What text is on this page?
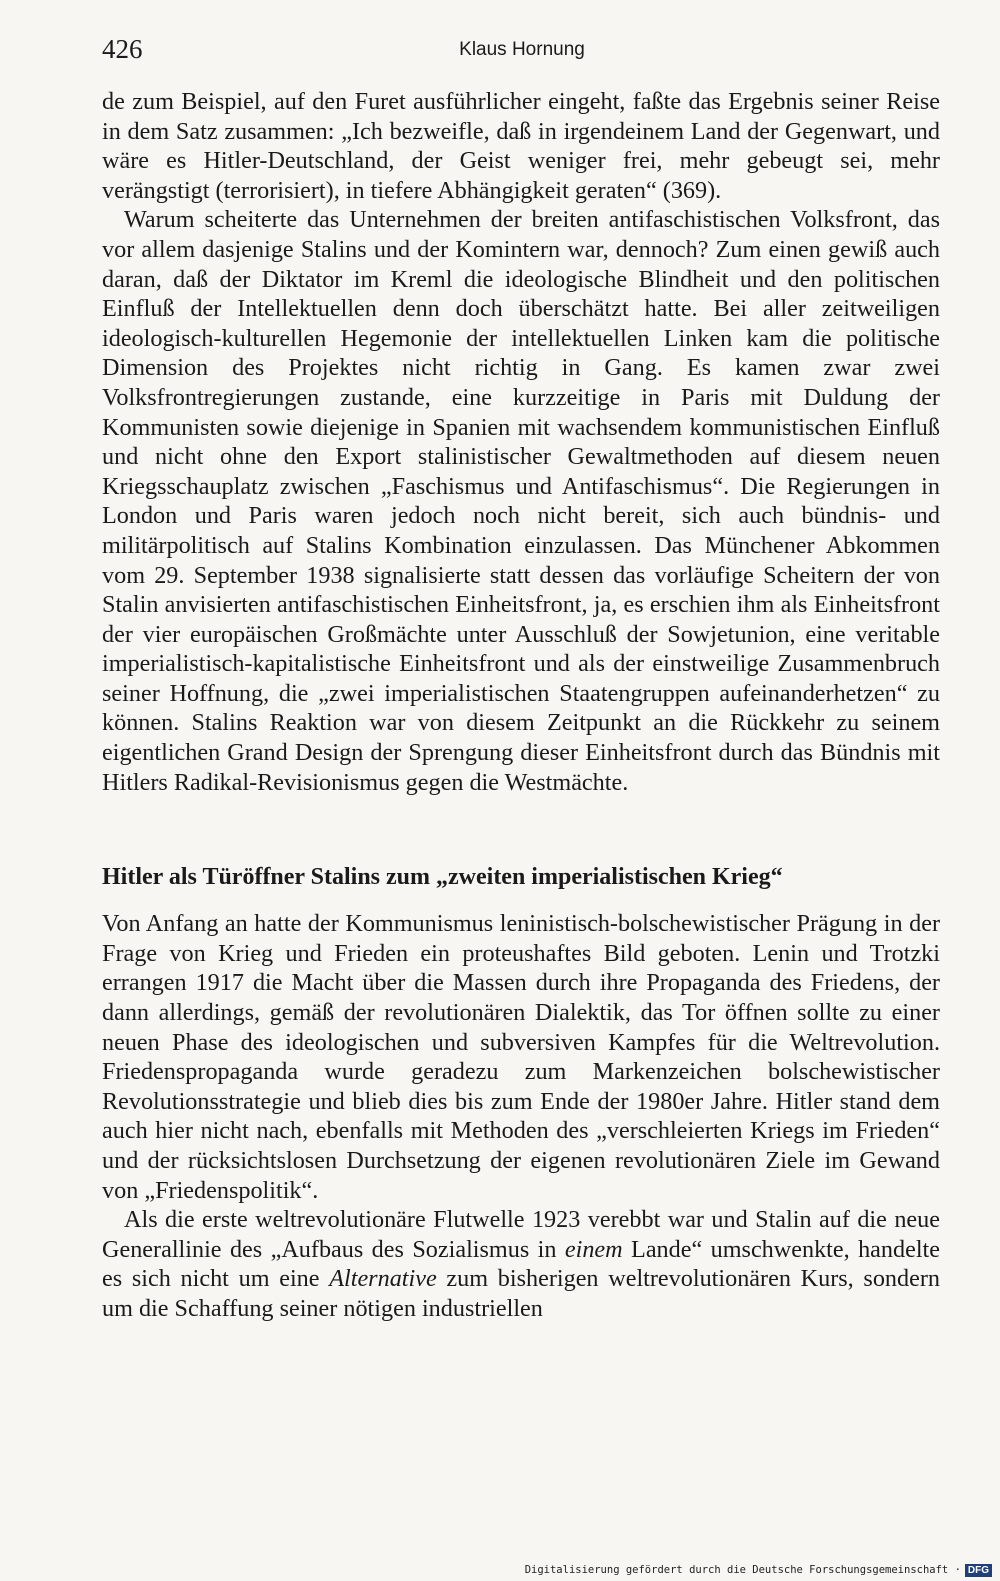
426	Klaus Hornung

de zum Beispiel, auf den Furet ausführlicher eingeht, faßte das Ergebnis seiner Reise in dem Satz zusammen: „Ich bezweifle, daß in irgendeinem Land der Gegenwart, und wäre es Hitler-Deutschland, der Geist weniger frei, mehr gebeugt sei, mehr verängstigt (terrorisiert), in tiefere Abhängigkeit geraten“ (369).

Warum scheiterte das Unternehmen der breiten antifaschistischen Volksfront, das vor allem dasjenige Stalins und der Komintern war, dennoch? Zum einen gewiß auch daran, daß der Diktator im Kreml die ideologische Blindheit und den politischen Einfluß der Intellektuellen denn doch überschätzt hatte. Bei aller zeitweiligen ideologisch-kulturellen Hegemonie der intellektuellen Linken kam die politische Dimension des Projektes nicht richtig in Gang. Es kamen zwar zwei Volksfrontregierungen zustande, eine kurzzeitige in Paris mit Duldung der Kommunisten sowie diejenige in Spanien mit wachsendem kommunistischen Einfluß und nicht ohne den Export stalinistischer Gewaltmethoden auf diesem neuen Kriegsschauplatz zwischen „Faschismus und Antifaschismus“. Die Regierungen in London und Paris waren jedoch noch nicht bereit, sich auch bündnis- und militärpolitisch auf Stalins Kombination einzulassen. Das Münchener Abkommen vom 29. September 1938 signalisierte statt dessen das vorläufige Scheitern der von Stalin anvisierten antifaschistischen Einheitsfront, ja, es erschien ihm als Einheitsfront der vier europäischen Großmächte unter Ausschluß der Sowjetunion, eine veritable imperialistisch-kapitalistische Einheitsfront und als der einstweilige Zusammenbruch seiner Hoffnung, die „zwei imperialistischen Staatengruppen aufeinanderhetzen“ zu können. Stalins Reaktion war von diesem Zeitpunkt an die Rückkehr zu seinem eigentlichen Grand Design der Sprengung dieser Einheitsfront durch das Bündnis mit Hitlers Radikal-Revisionismus gegen die Westmächte.

Hitler als Türöffner Stalins zum „zweiten imperialistischen Krieg“

Von Anfang an hatte der Kommunismus leninistisch-bolschewistischer Prägung in der Frage von Krieg und Frieden ein proteushaftes Bild geboten. Lenin und Trotzki errangen 1917 die Macht über die Massen durch ihre Propaganda des Friedens, der dann allerdings, gemäß der revolutionären Dialektik, das Tor öffnen sollte zu einer neuen Phase des ideologischen und subversiven Kampfes für die Weltrevolution. Friedenspropaganda wurde geradezu zum Markenzeichen bolschewistischer Revolutionsstrategie und blieb dies bis zum Ende der 1980er Jahre. Hitler stand dem auch hier nicht nach, ebenfalls mit Methoden des „verschleierten Kriegs im Frieden“ und der rücksichtslosen Durchsetzung der eigenen revolutionären Ziele im Gewand von „Friedenspolitik“.

Als die erste weltrevolutionäre Flutwelle 1923 verebbt war und Stalin auf die neue Generallinie des „Aufbaus des Sozialismus in einem Lande“ umschwenkte, handelte es sich nicht um eine Alternative zum bisherigen weltrevolutionären Kurs, sondern um die Schaffung seiner nötigen industriellen

Digitalisierung gefördert durch die Deutsche Forschungsgemeinschaft · DFG
